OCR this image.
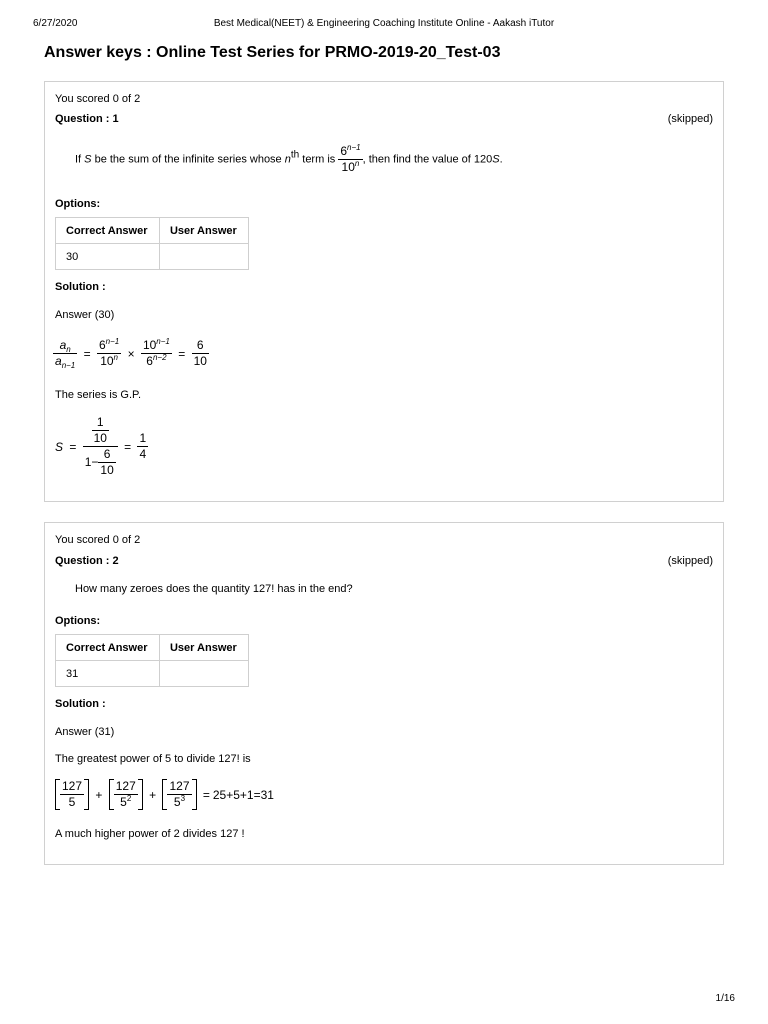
6/27/2020	Best Medical(NEET) & Engineering Coaching Institute Online - Aakash iTutor
Answer keys : Online Test Series for PRMO-2019-20_Test-03
You scored 0 of 2
Question : 1	(skipped)
If S be the sum of the infinite series whose $n^{th}$ term is $\frac{6^{n-1}}{10^n}$ , then find the value of 120S.
Options:
Correct Answer	User Answer
30	
Solution :
Answer (30)
$\frac{a_n}{a_{n-1}} = \frac{6^{n-1}}{10^n} \times \frac{10^{n-1}}{6^{n-2}} = \frac{6}{10}$
The series is G.P.
$S = \frac{\frac{1}{10}}{1- \frac{6}{10}} = \frac{1}{4}$
You scored 0 of 2
Question : 2	(skipped)
How many zeroes does the quantity 127! has in the end?
Options:
Correct Answer	User Answer
31	
Solution :
Answer (31)
The greatest power of 5 to divide 127! is
$\frac{127}{5} + \frac{127}{5^2} + \frac{127}{5^3} = 25+5+1=31$
A much higher power of 2 divides 127 !
1/16
